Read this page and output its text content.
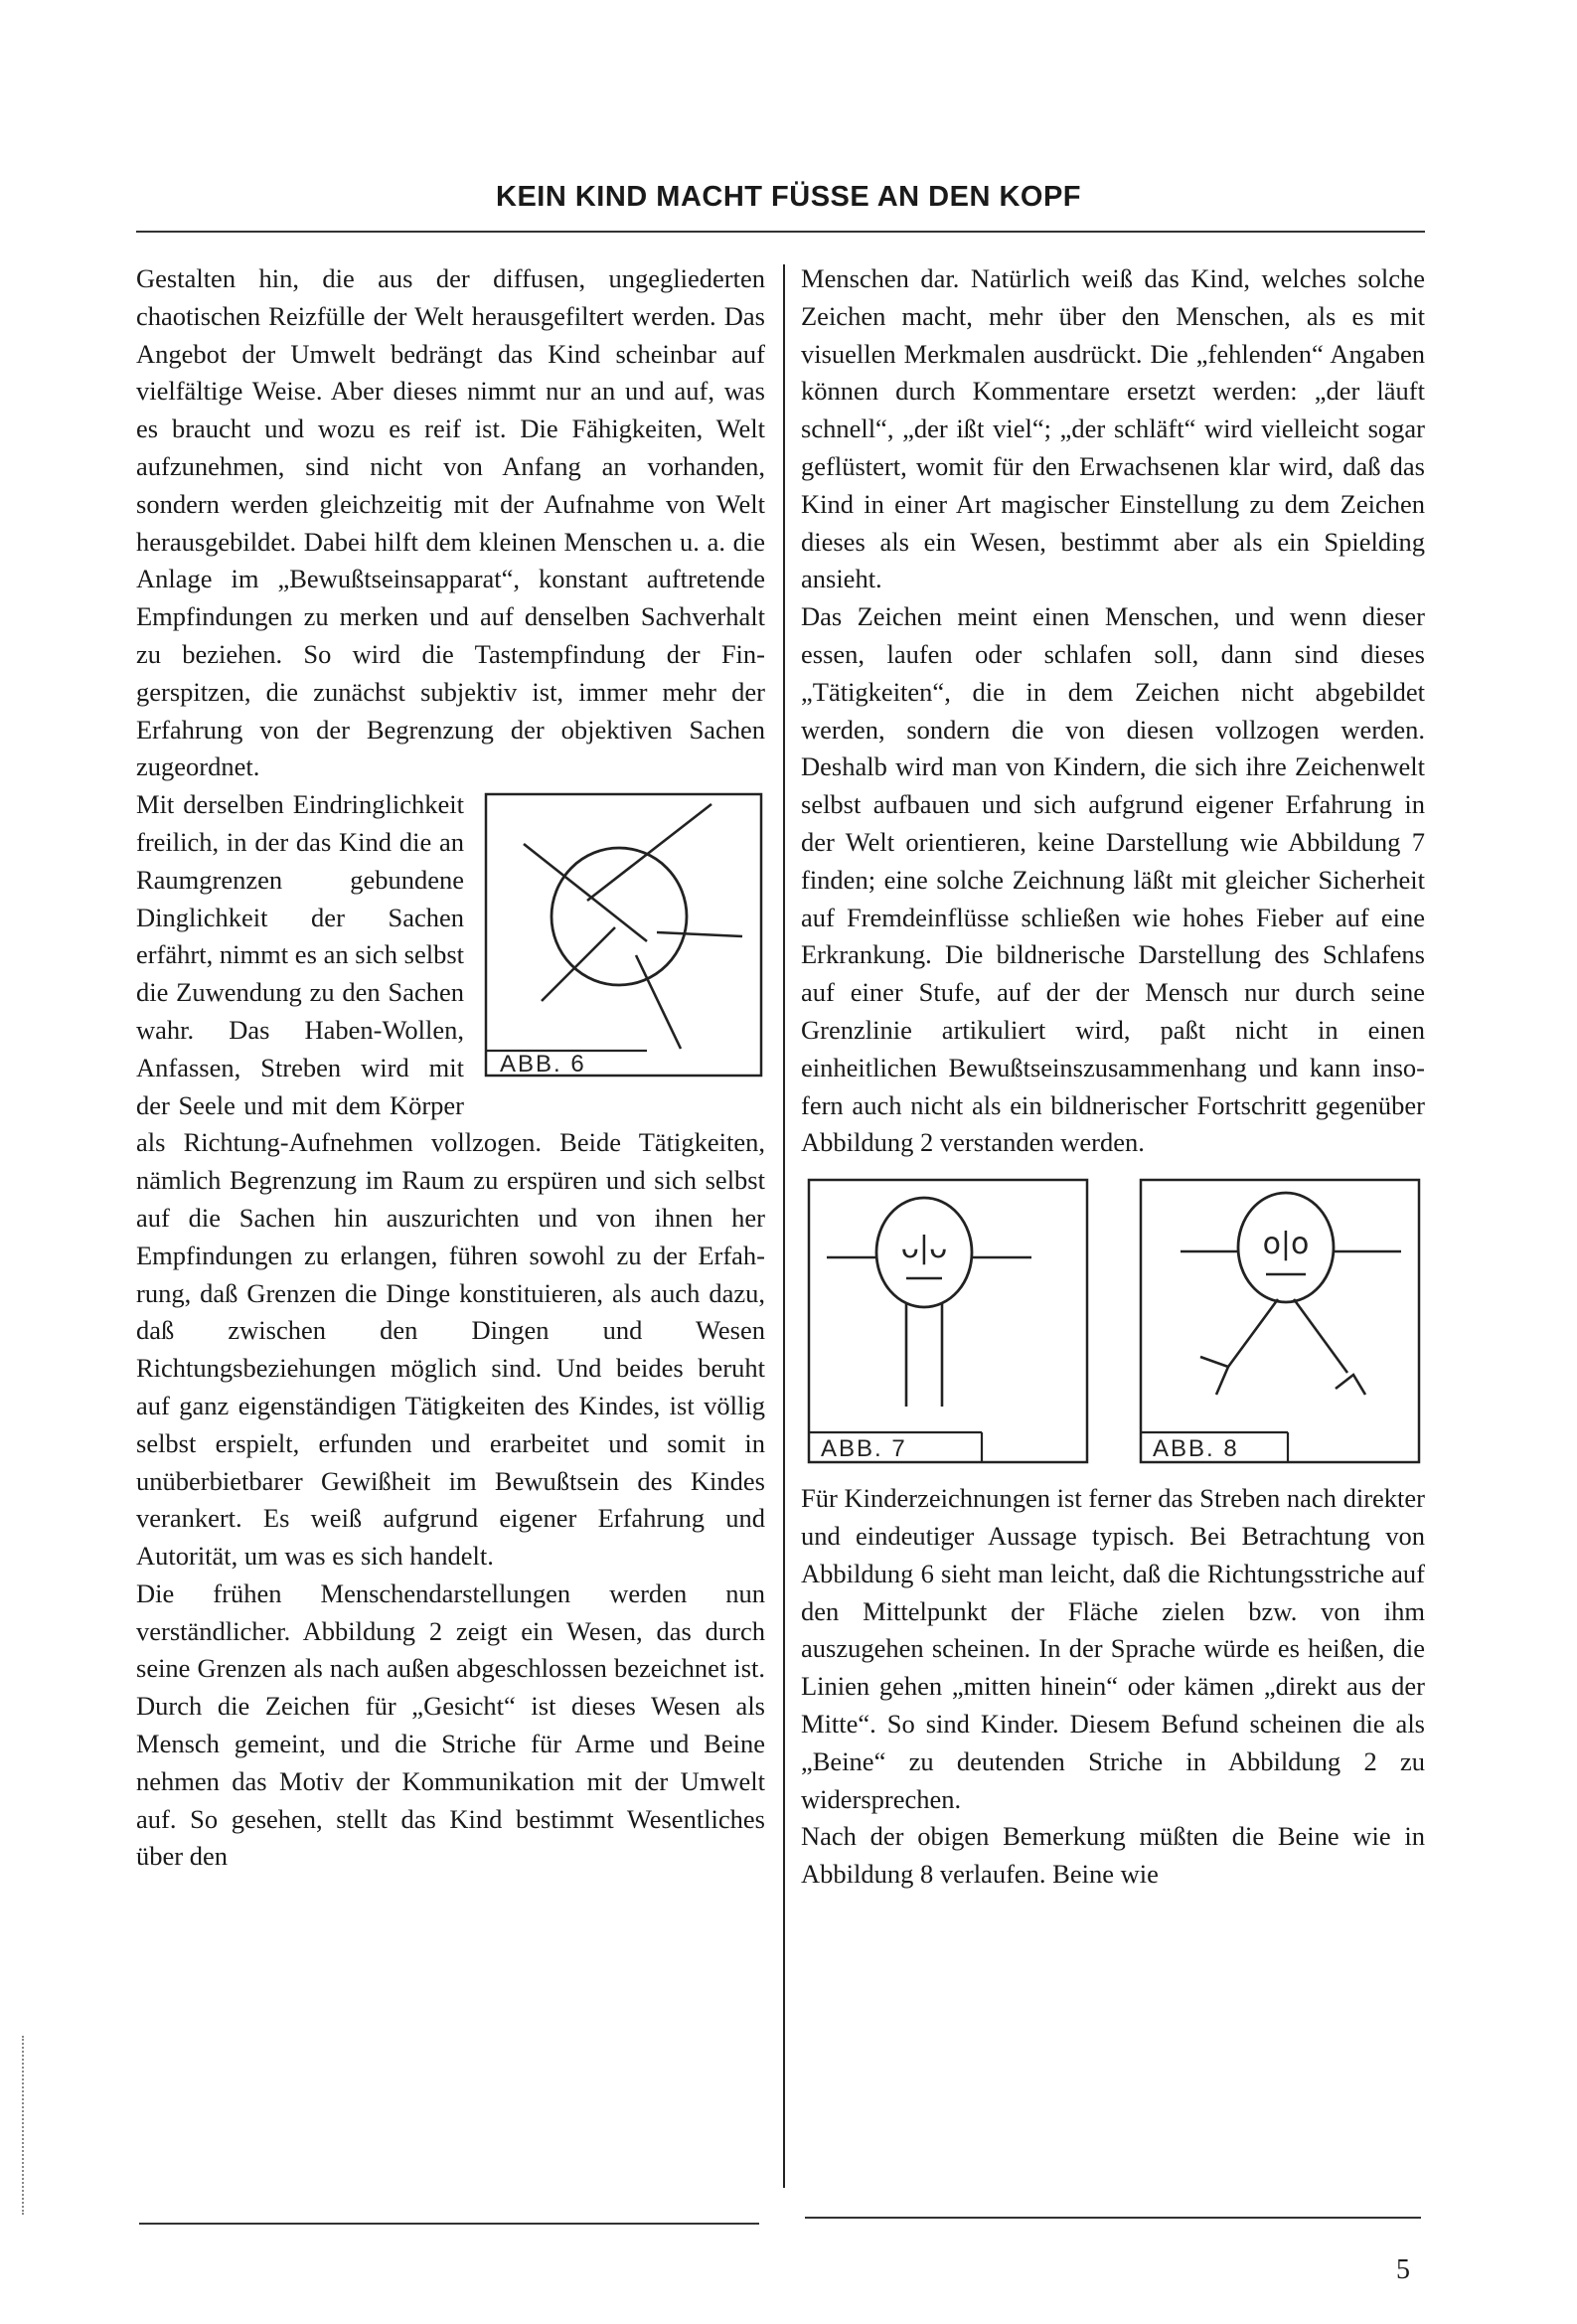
KEIN KIND MACHT FÜSSE AN DEN KOPF

Gestalten hin, die aus der diffusen, ungegliederten chaotischen Reizfülle der Welt herausgefiltert werden. Das Angebot der Umwelt bedrängt das Kind scheinbar auf vielfältige Weise. Aber dieses nimmt nur an und auf, was es braucht und wozu es reif ist. Die Fähigkeiten, Welt aufzunehmen, sind nicht von Anfang an vorhanden, sondern werden gleichzeitig mit der Aufnahme von Welt herausgebildet. Dabei hilft dem kleinen Menschen u. a. die Anlage im „Bewußtseinsapparat“, konstant auftretende Empfindungen zu merken und auf denselben Sachverhalt zu beziehen. So wird die Tastempfindung der Fingerspitzen, die zunächst subjektiv ist, immer mehr der Erfahrung von der Begrenzung der objektiven Sachen zugeordnet.

ABB. 6

Mit derselben Eindringlichkeit freilich, in der das Kind die an Raumgrenzen gebundene Dinglichkeit der Sachen erfährt, nimmt es an sich selbst die Zuwendung zu den Sachen wahr. Das Haben-Wollen, Anfassen, Streben wird mit der Seele und mit dem Körper als Richtung-Aufnehmen vollzogen. Beide Tätigkeiten, nämlich Begrenzung im Raum zu erspüren und sich selbst auf die Sachen hin auszurichten und von ihnen her Empfindungen zu erlangen, führen sowohl zu der Erfahrung, daß Grenzen die Dinge konstituieren, als auch dazu, daß zwischen den Dingen und Wesen Richtungsbeziehungen möglich sind. Und beides beruht auf ganz eigenständigen Tätigkeiten des Kindes, ist völlig selbst erspielt, erfunden und erarbeitet und somit in unüberbietbarer Gewißheit im Bewußtsein des Kindes verankert. Es weiß aufgrund eigener Erfahrung und Autorität, um was es sich handelt.

Die frühen Menschendarstellungen werden nun verständlicher. Abbildung 2 zeigt ein Wesen, das durch seine Grenzen als nach außen abgeschlossen bezeichnet ist. Durch die Zeichen für „Gesicht“ ist dieses Wesen als Mensch gemeint, und die Striche für Arme und Beine nehmen das Motiv der Kommunikation mit der Umwelt auf. So gesehen, stellt das Kind bestimmt Wesentliches über den

Menschen dar. Natürlich weiß das Kind, welches solche Zeichen macht, mehr über den Menschen, als es mit visuellen Merkmalen ausdrückt. Die „fehlenden“ Angaben können durch Kommentare ersetzt werden: „der läuft schnell“, „der ißt viel“; „der schläft“ wird vielleicht sogar geflüstert, womit für den Erwachsenen klar wird, daß das Kind in einer Art magischer Einstellung zu dem Zeichen dieses als ein Wesen, bestimmt aber als ein Spielding ansieht.

Das Zeichen meint einen Menschen, und wenn dieser essen, laufen oder schlafen soll, dann sind dieses „Tätigkeiten“, die in dem Zeichen nicht abgebildet werden, sondern die von diesen vollzogen werden. Deshalb wird man von Kindern, die sich ihre Zeichenwelt selbst aufbauen und sich aufgrund eigener Erfahrung in der Welt orientieren, keine Darstellung wie Abbildung 7 finden; eine solche Zeichnung läßt mit gleicher Sicherheit auf Fremdeinflüsse schließen wie hohes Fieber auf eine Erkrankung. Die bildnerische Darstellung des Schlafens auf einer Stufe, auf der der Mensch nur durch seine Grenzlinie artikuliert wird, paßt nicht in einen einheitlichen Bewußtseinszusammenhang und kann insofern auch nicht als ein bildnerischer Fortschritt gegenüber Abbildung 2 verstanden werden.

ᴗ|ᴗ
ABB. 7
o|o
ABB. 8

Für Kinderzeichnungen ist ferner das Streben nach direkter und eindeutiger Aussage typisch. Bei Betrachtung von Abbildung 6 sieht man leicht, daß die Richtungsstriche auf den Mittelpunkt der Fläche zielen bzw. von ihm auszugehen scheinen. In der Sprache würde es heißen, die Linien gehen „mitten hinein“ oder kämen „direkt aus der Mitte“. So sind Kinder. Diesem Befund scheinen die als „Beine“ zu deutenden Striche in Abbildung 2 zu widersprechen.

Nach der obigen Bemerkung müßten die Beine wie in Abbildung 8 verlaufen. Beine wie

5
